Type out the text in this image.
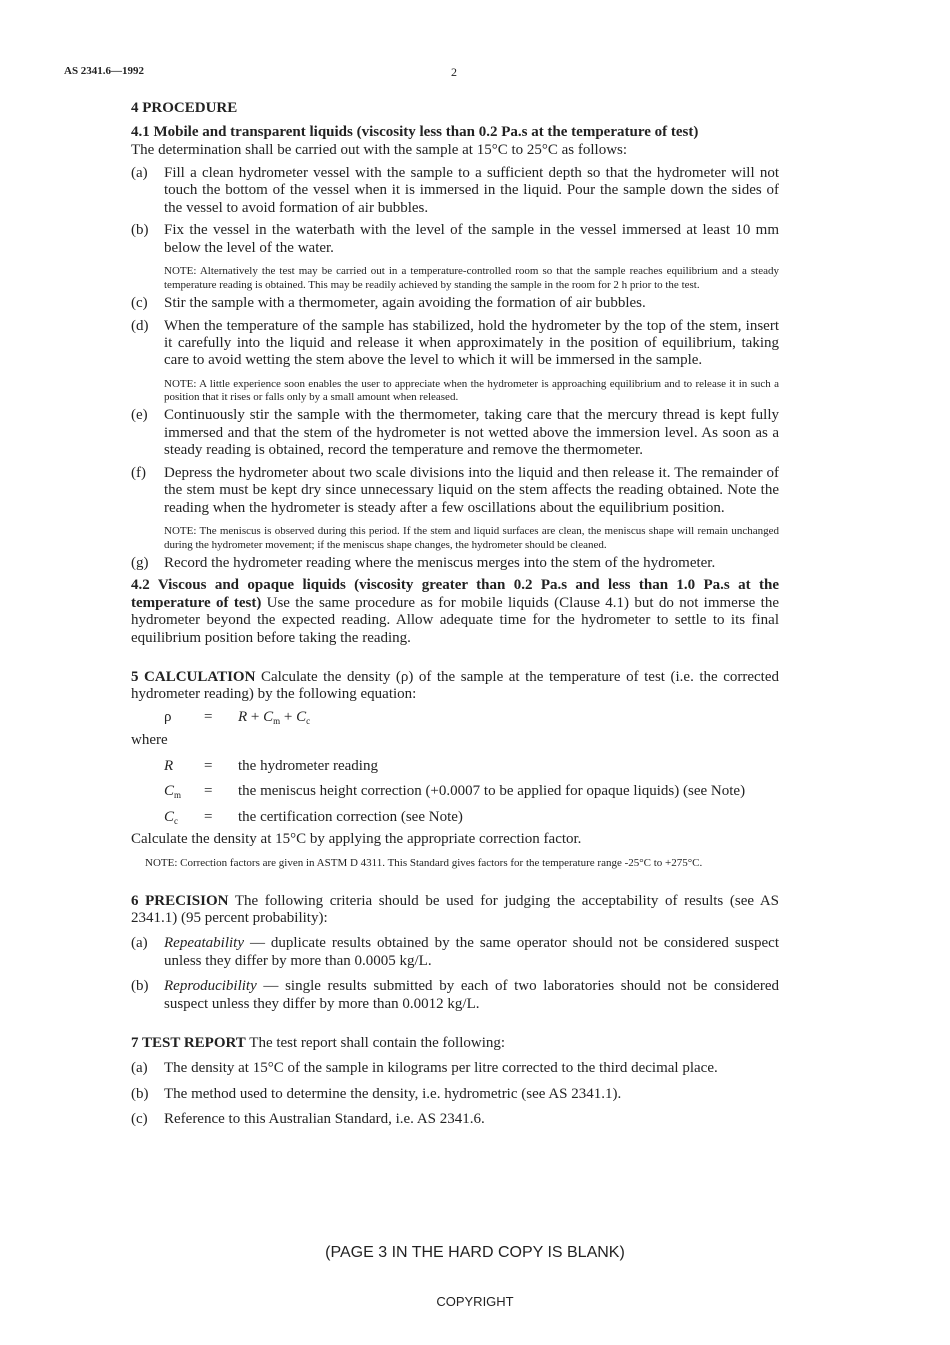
AS 2341.6—1992	2
4 PROCEDURE
4.1 Mobile and transparent liquids (viscosity less than 0.2 Pa.s at the temperature of test)
The determination shall be carried out with the sample at 15°C to 25°C as follows:
(a) Fill a clean hydrometer vessel with the sample to a sufficient depth so that the hydrometer will not touch the bottom of the vessel when it is immersed in the liquid. Pour the sample down the sides of the vessel to avoid formation of air bubbles.
(b) Fix the vessel in the waterbath with the level of the sample in the vessel immersed at least 10 mm below the level of the water.
NOTE: Alternatively the test may be carried out in a temperature-controlled room so that the sample reaches equilibrium and a steady temperature reading is obtained. This may be readily achieved by standing the sample in the room for 2 h prior to the test.
(c) Stir the sample with a thermometer, again avoiding the formation of air bubbles.
(d) When the temperature of the sample has stabilized, hold the hydrometer by the top of the stem, insert it carefully into the liquid and release it when approximately in the position of equilibrium, taking care to avoid wetting the stem above the level to which it will be immersed in the sample.
NOTE: A little experience soon enables the user to appreciate when the hydrometer is approaching equilibrium and to release it in such a position that it rises or falls only by a small amount when released.
(e) Continuously stir the sample with the thermometer, taking care that the mercury thread is kept fully immersed and that the stem of the hydrometer is not wetted above the immersion level. As soon as a steady reading is obtained, record the temperature and remove the thermometer.
(f) Depress the hydrometer about two scale divisions into the liquid and then release it. The remainder of the stem must be kept dry since unnecessary liquid on the stem affects the reading obtained. Note the reading when the hydrometer is steady after a few oscillations about the equilibrium position.
NOTE: The meniscus is observed during this period. If the stem and liquid surfaces are clean, the meniscus shape will remain unchanged during the hydrometer movement; if the meniscus shape changes, the hydrometer should be cleaned.
(g) Record the hydrometer reading where the meniscus merges into the stem of the hydrometer.
4.2 Viscous and opaque liquids (viscosity greater than 0.2 Pa.s and less than 1.0 Pa.s at the temperature of test) Use the same procedure as for mobile liquids (Clause 4.1) but do not immerse the hydrometer beyond the expected reading. Allow adequate time for the hydrometer to settle to its final equilibrium position before taking the reading.
5 CALCULATION Calculate the density (ρ) of the sample at the temperature of test (i.e. the corrected hydrometer reading) by the following equation:
ρ	=	$R + C_m + C_c$
where
R	=	the hydrometer reading
$C_m$	=	the meniscus height correction (+0.0007 to be applied for opaque liquids) (see Note)
$C_c$	=	the certification correction (see Note)
Calculate the density at 15°C by applying the appropriate correction factor.
NOTE: Correction factors are given in ASTM D 4311. This Standard gives factors for the temperature range -25°C to +275°C.
6 PRECISION The following criteria should be used for judging the acceptability of results (see AS 2341.1) (95 percent probability):
(a) Repeatability — duplicate results obtained by the same operator should not be considered suspect unless they differ by more than 0.0005 kg/L.
(b) Reproducibility — single results submitted by each of two laboratories should not be considered suspect unless they differ by more than 0.0012 kg/L.
7 TEST REPORT The test report shall contain the following:
(a) The density at 15°C of the sample in kilograms per litre corrected to the third decimal place.
(b) The method used to determine the density, i.e. hydrometric (see AS 2341.1).
(c) Reference to this Australian Standard, i.e. AS 2341.6.
(PAGE 3 IN THE HARD COPY IS BLANK)
COPYRIGHT
